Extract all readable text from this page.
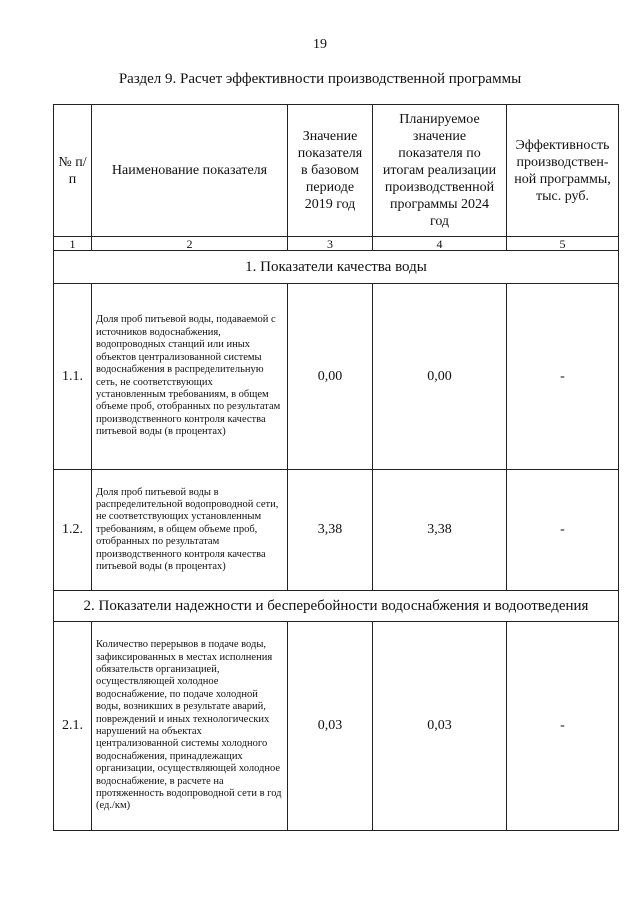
19
Раздел 9. Расчет эффективности производственной программы
№ п/п	Наименование показателя	Значение показателя в базовом периоде 2019 год	Планируемое значение показателя по итогам реализации производственной программы 2024 год	Эффективность производствен- ной программы, тыс. руб.
1	2	3	4	5
1. Показатели качества воды				
1.1.	Доля проб питьевой воды, подаваемой с источников водоснабжения, водопроводных станций или иных объектов централизованной системы водоснабжения в распределительную сеть, не соответствующих установленным требованиям, в общем объеме проб, отобранных по результатам производственного контроля качества питьевой воды (в процентах)	0,00	0,00	-
1.2.	Доля проб питьевой воды в распределительной водопроводной сети, не соответствующих установленным требованиям, в общем объеме проб, отобранных по результатам производственного контроля качества питьевой воды (в процентах)	3,38	3,38	-
2. Показатели надежности и бесперебойности водоснабжения и водоотведения				
2.1.	Количество перерывов в подаче воды, зафиксированных в местах исполнения обязательств организацией, осуществляющей холодное водоснабжение, по подаче холодной воды, возникших в результате аварий, повреждений и иных технологических нарушений на объектах централизованной системы холодного водоснабжения, принадлежащих организации, осуществляющей холодное водоснабжение, в расчете на протяженность водопроводной сети в год (ед./км)	0,03	0,03	-
